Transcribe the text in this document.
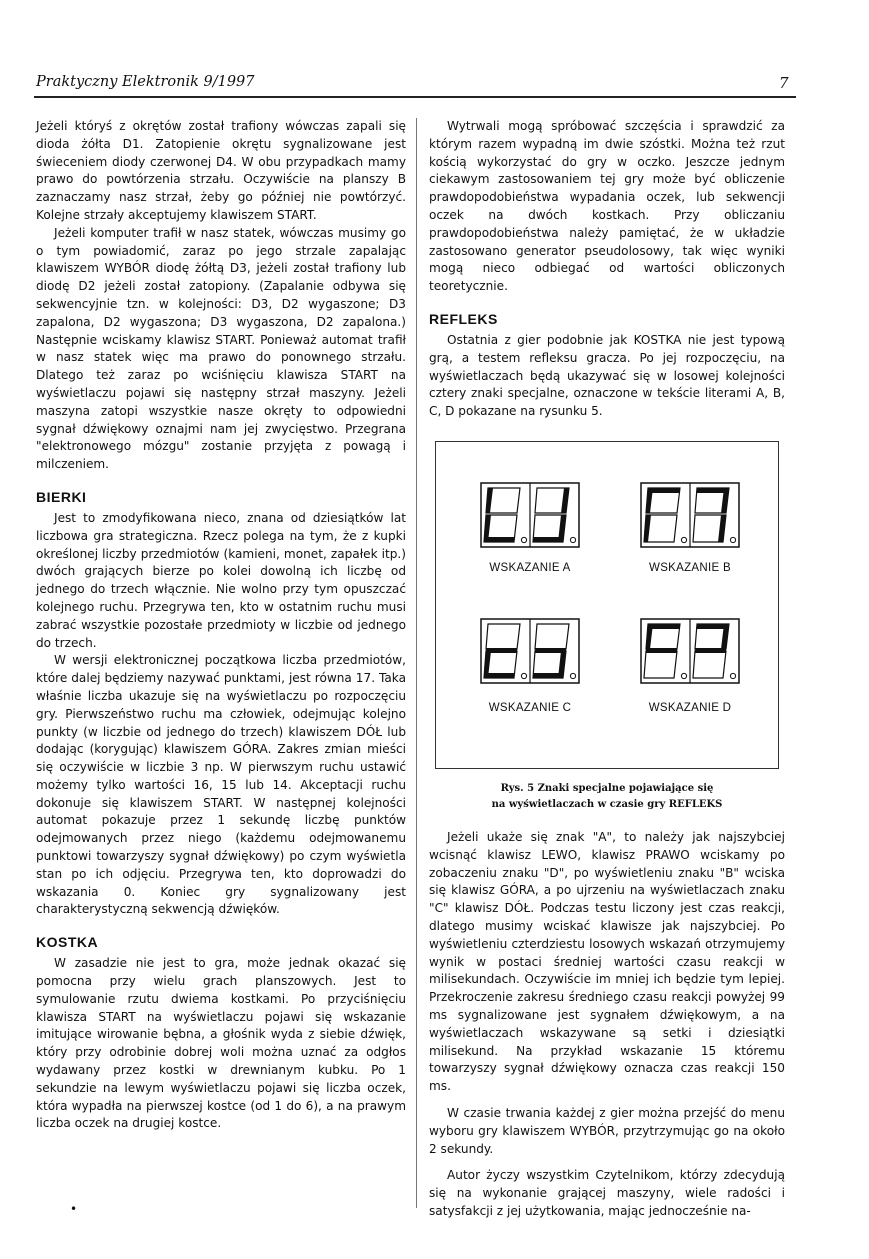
Praktyczny Elektronik 9/1997	7

Jeżeli któryś z okrętów został trafiony wówczas zapali się dioda żółta D1. Zatopienie okrętu sygnalizowane jest świeceniem diody czerwonej D4. W obu przypadkach mamy prawo do powtórzenia strzału. Oczywiście na planszy B zaznaczamy nasz strzał, żeby go później nie powtórzyć. Kolejne strzały akceptujemy klawiszem START.

Jeżeli komputer trafił w nasz statek, wówczas musimy go o tym powiadomić, zaraz po jego strzale zapalając klawiszem WYBÓR diodę żółtą D3, jeżeli został trafiony lub diodę D2 jeżeli został zatopiony. (Zapalanie odbywa się sekwencyjnie tzn. w kolejności: D3, D2 wygaszone; D3 zapalona, D2 wygaszona; D3 wygaszona, D2 zapalona.) Następnie wciskamy klawisz START. Ponieważ automat trafił w nasz statek więc ma prawo do ponownego strzału. Dlatego też zaraz po wciśnięciu klawisza START na wyświetlaczu pojawi się następny strzał maszyny. Jeżeli maszyna zatopi wszystkie nasze okręty to odpowiedni sygnał dźwiękowy oznajmi nam jej zwycięstwo. Przegrana "elektronowego mózgu" zostanie przyjęta z powagą i milczeniem.

BIERKI

Jest to zmodyfikowana nieco, znana od dziesiątków lat liczbowa gra strategiczna. Rzecz polega na tym, że z kupki określonej liczby przedmiotów (kamieni, monet, zapałek itp.) dwóch grających bierze po kolei dowolną ich liczbę od jednego do trzech włącznie. Nie wolno przy tym opuszczać kolejnego ruchu. Przegrywa ten, kto w ostatnim ruchu musi zabrać wszystkie pozostałe przedmioty w liczbie od jednego do trzech.

W wersji elektronicznej początkowa liczba przedmiotów, które dalej będziemy nazywać punktami, jest równa 17. Taka właśnie liczba ukazuje się na wyświetlaczu po rozpoczęciu gry. Pierwszeństwo ruchu ma człowiek, odejmując kolejno punkty (w liczbie od jednego do trzech) klawiszem DÓŁ lub dodając (korygując) klawiszem GÓRA. Zakres zmian mieści się oczywiście w liczbie 3 np. W pierwszym ruchu ustawić możemy tylko wartości 16, 15 lub 14. Akceptacji ruchu dokonuje się klawiszem START. W następnej kolejności automat pokazuje przez 1 sekundę liczbę punktów odejmowanych przez niego (każdemu odejmowanemu punktowi towarzyszy sygnał dźwiękowy) po czym wyświetla stan po ich odjęciu. Przegrywa ten, kto doprowadzi do wskazania 0. Koniec gry sygnalizowany jest charakterystyczną sekwencją dźwięków.

KOSTKA

W zasadzie nie jest to gra, może jednak okazać się pomocna przy wielu grach planszowych. Jest to symulowanie rzutu dwiema kostkami. Po przyciśnięciu klawisza START na wyświetlaczu pojawi się wskazanie imitujące wirowanie bębna, a głośnik wyda z siebie dźwięk, który przy odrobinie dobrej woli można uznać za odgłos wydawany przez kostki w drewnianym kubku. Po 1 sekundzie na lewym wyświetlaczu pojawi się liczba oczek, która wypadła na pierwszej kostce (od 1 do 6), a na prawym liczba oczek na drugiej kostce.

•

Wytrwali mogą spróbować szczęścia i sprawdzić za którym razem wypadną im dwie szóstki. Można też rzut kością wykorzystać do gry w oczko. Jeszcze jednym ciekawym zastosowaniem tej gry może być obliczenie prawdopodobieństwa wypadania oczek, lub sekwencji oczek na dwóch kostkach. Przy obliczaniu prawdopodobieństwa należy pamiętać, że w układzie zastosowano generator pseudolosowy, tak więc wyniki mogą nieco odbiegać od wartości obliczonych teoretycznie.

REFLEKS

Ostatnia z gier podobnie jak KOSTKA nie jest typową grą, a testem refleksu gracza. Po jej rozpoczęciu, na wyświetlaczach będą ukazywać się w losowej kolejności cztery znaki specjalne, oznaczone w tekście literami A, B, C, D pokazane na rysunku 5.

WSKAZANIE A	WSKAZANIE B
WSKAZANIE C	WSKAZANIE D
Rys. 5 Znaki specjalne pojawiające się
na wyświetlaczach w czasie gry REFLEKS

Jeżeli ukaże się znak "A", to należy jak najszybciej wcisnąć klawisz LEWO, klawisz PRAWO wciskamy po zobaczeniu znaku "D", po wyświetleniu znaku "B" wciska się klawisz GÓRA, a po ujrzeniu na wyświetlaczach znaku "C" klawisz DÓŁ. Podczas testu liczony jest czas reakcji, dlatego musimy wciskać klawisze jak najszybciej. Po wyświetleniu czterdziestu losowych wskazań otrzymujemy wynik w postaci średniej wartości czasu reakcji w milisekundach. Oczywiście im mniej ich będzie tym lepiej. Przekroczenie zakresu średniego czasu reakcji powyżej 99 ms sygnalizowane jest sygnałem dźwiękowym, a na wyświetlaczach wskazywane są setki i dziesiątki milisekund. Na przykład wskazanie 15 któremu towarzyszy sygnał dźwiękowy oznacza czas reakcji 150 ms.

W czasie trwania każdej z gier można przejść do menu wyboru gry klawiszem WYBÓR, przytrzymując go na około 2 sekundy.

Autor życzy wszystkim Czytelnikom, którzy zdecydują się na wykonanie grającej maszyny, wiele radości i satysfakcji z jej użytkowania, mając jednocześnie na-
